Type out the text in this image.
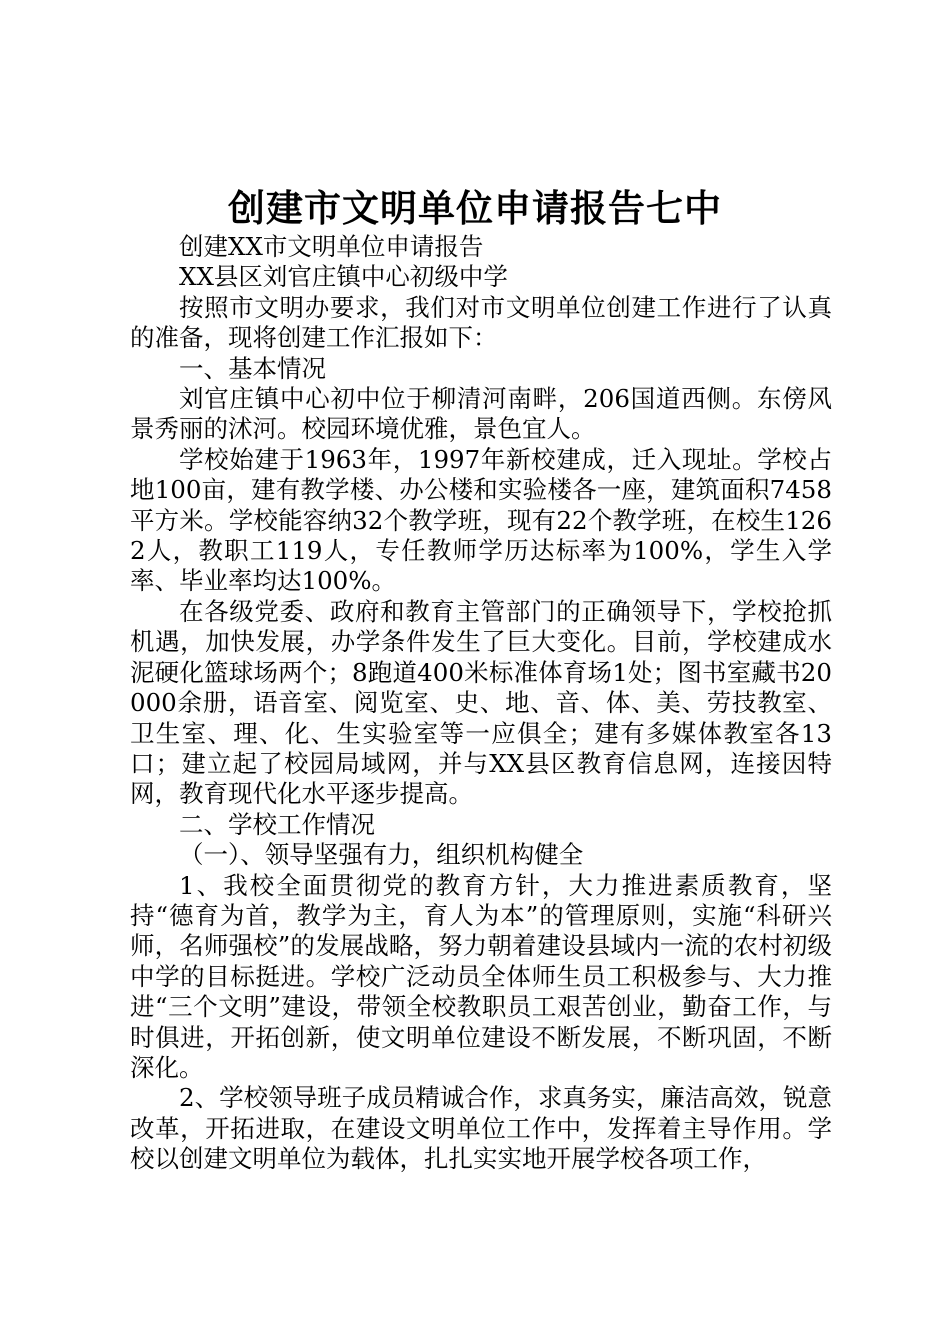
创建市文明单位申请报告七中

创建XX市文明单位申请报告

XX县区刘官庄镇中心初级中学

按照市文明办要求，我们对市文明单位创建工作进行了认真的准备，现将创建工作汇报如下：

一、基本情况

刘官庄镇中心初中位于柳清河南畔，206国道西侧。东傍风景秀丽的沭河。校园环境优雅，景色宜人。

学校始建于1963年，1997年新校建成，迁入现址。学校占地100亩，建有教学楼、办公楼和实验楼各一座，建筑面积7458平方米。学校能容纳32个教学班，现有22个教学班，在校生1262人，教职工119人，专任教师学历达标率为100%，学生入学率、毕业率均达100%。

在各级党委、政府和教育主管部门的正确领导下，学校抢抓机遇，加快发展，办学条件发生了巨大变化。目前，学校建成水泥硬化篮球场两个；8跑道400米标准体育场1处；图书室藏书20000余册，语音室、阅览室、史、地、音、体、美、劳技教室、卫生室、理、化、生实验室等一应俱全；建有多媒体教室各13口；建立起了校园局域网，并与XX县区教育信息网，连接因特网，教育现代化水平逐步提高。

二、学校工作情况

（一）、领导坚强有力，组织机构健全

1、我校全面贯彻党的教育方针，大力推进素质教育，坚持“德育为首，教学为主，育人为本”的管理原则，实施“科研兴师，名师强校”的发展战略，努力朝着建设县域内一流的农村初级中学的目标挺进。学校广泛动员全体师生员工积极参与、大力推进“三个文明”建设，带领全校教职员工艰苦创业，勤奋工作，与时俱进，开拓创新，使文明单位建设不断发展，不断巩固，不断深化。

2、学校领导班子成员精诚合作，求真务实，廉洁高效，锐意改革，开拓进取，在建设文明单位工作中，发挥着主导作用。学校以创建文明单位为载体，扎扎实实地开展学校各项工作，
